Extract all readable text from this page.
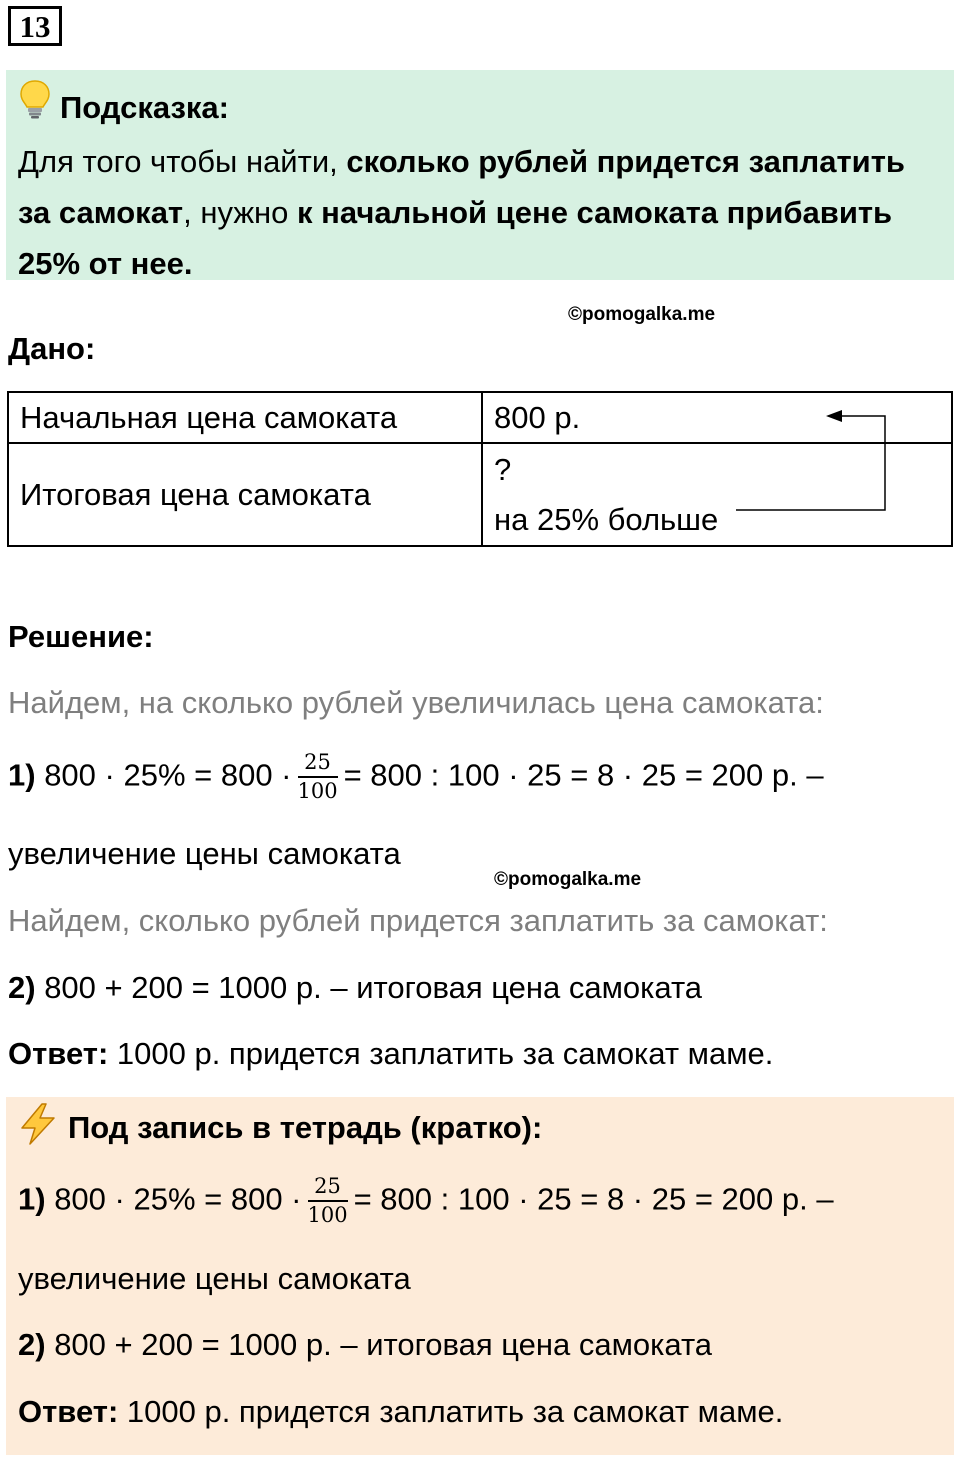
13
Подсказка:

Для того чтобы найти, сколько рублей придется заплатить за самокат, нужно к начальной цене самоката прибавить 25% от нее.

©pomogalka.me
Дано:
Начальная цена самоката	800 р.
Итоговая цена самоката	?
на 25% больше
Решение:
Найдем, на сколько рублей увеличилась цена самоката:
1) $800 \cdot 25\% = 800 \cdot \frac{25}{100} = 800$ : 100 · 25 = 8 · 25 = 200 р. –
увеличение цены самоката
©pomogalka.me
Найдем, сколько рублей придется заплатить за самокат:
2) 800 + 200 = 1000 р. – итоговая цена самоката
Ответ: 1000 р. придется заплатить за самокат маме.
Под запись в тетрадь (кратко):
1) $800 \cdot 25\% = 800 \cdot \frac{25}{100} = 800$ : 100 · 25 = 8 · 25 = 200 р. –
увеличение цены самоката
2) 800 + 200 = 1000 р. – итоговая цена самоката
Ответ: 1000 р. придется заплатить за самокат маме.
